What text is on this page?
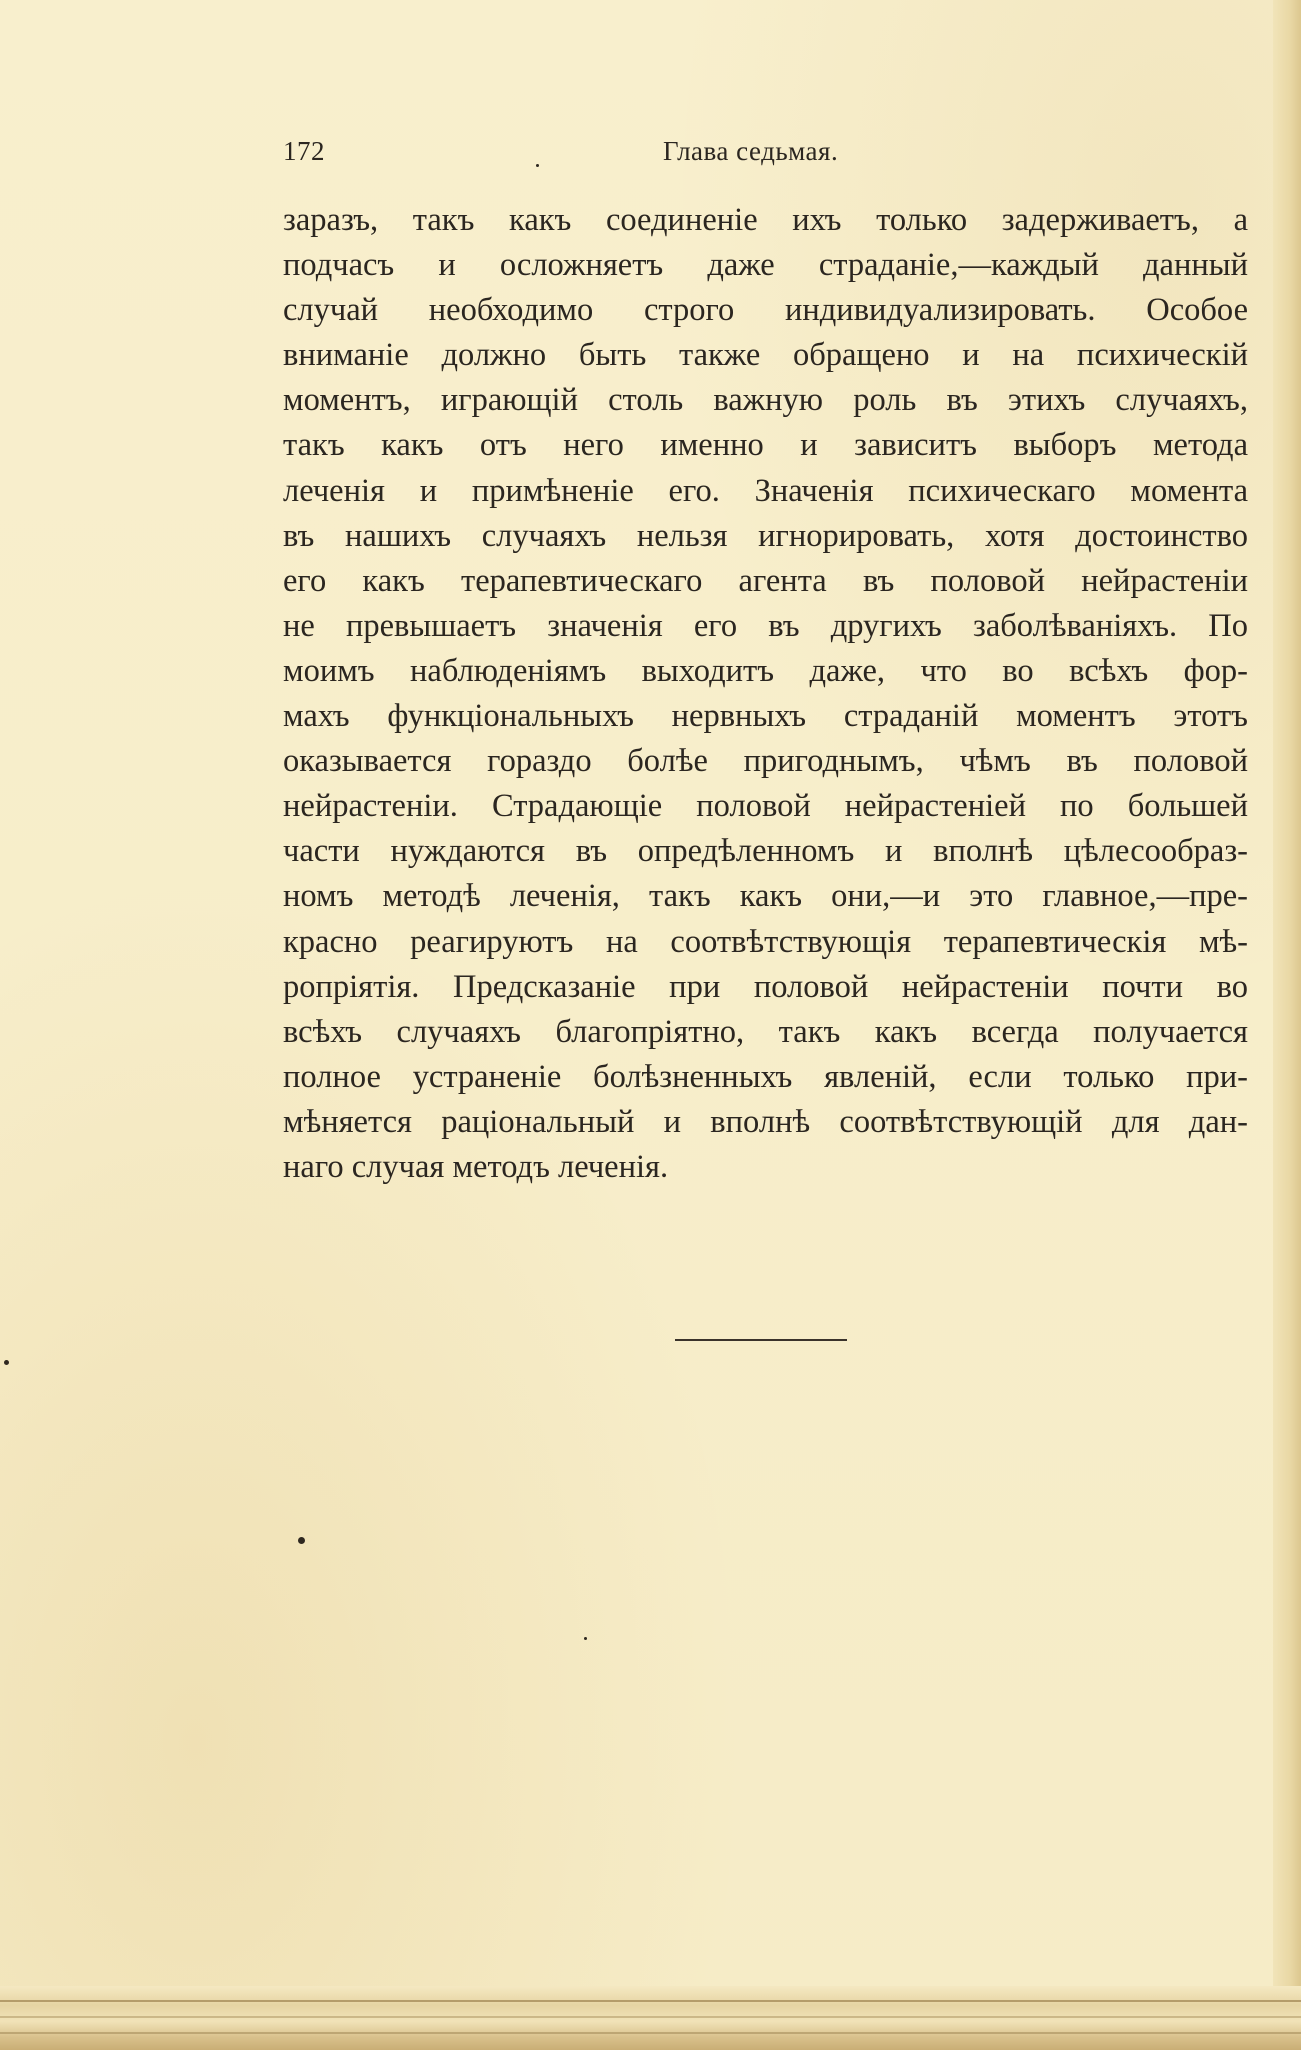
172	Глава седьмая.
заразъ, такъ какъ соединенiе ихъ только задерживаетъ, а
подчасъ и осложняетъ даже страданiе,—каждый данный
случай необходимо строго индивидуализировать. Особое
вниманiе должно быть также обращено и на психическiй
моментъ, играющiй столь важную роль въ этихъ случаяхъ,
такъ какъ отъ него именно и зависитъ выборъ метода
леченiя и примѣненiе его. Значенiя психическаго момента
въ нашихъ случаяхъ нельзя игнорировать, хотя достоинство
его какъ терапевтическаго агента въ половой нейрастенiи
не превышаетъ значенiя его въ другихъ заболѣванiяхъ. По
моимъ наблюденiямъ выходитъ даже, что во всѣхъ фор-
махъ функцiональныхъ нервныхъ страданiй моментъ этотъ
оказывается гораздо болѣе пригоднымъ, чѣмъ въ половой
нейрастенiи. Страдающiе половой нейрастенiей по большей
части нуждаются въ опредѣленномъ и вполнѣ цѣлесообраз-
номъ методѣ леченiя, такъ какъ они,—и это главное,—пре-
красно реагируютъ на соотвѣтствующiя терапевтическiя мѣ-
ропрiятiя. Предсказанiе при половой нейрастенiи почти во
всѣхъ случаяхъ благопрiятно, такъ какъ всегда получается
полное устраненiе болѣзненныхъ явленiй, если только при-
мѣняется рацiональный и вполнѣ соотвѣтствующiй для дан-
наго случая методъ леченiя.
